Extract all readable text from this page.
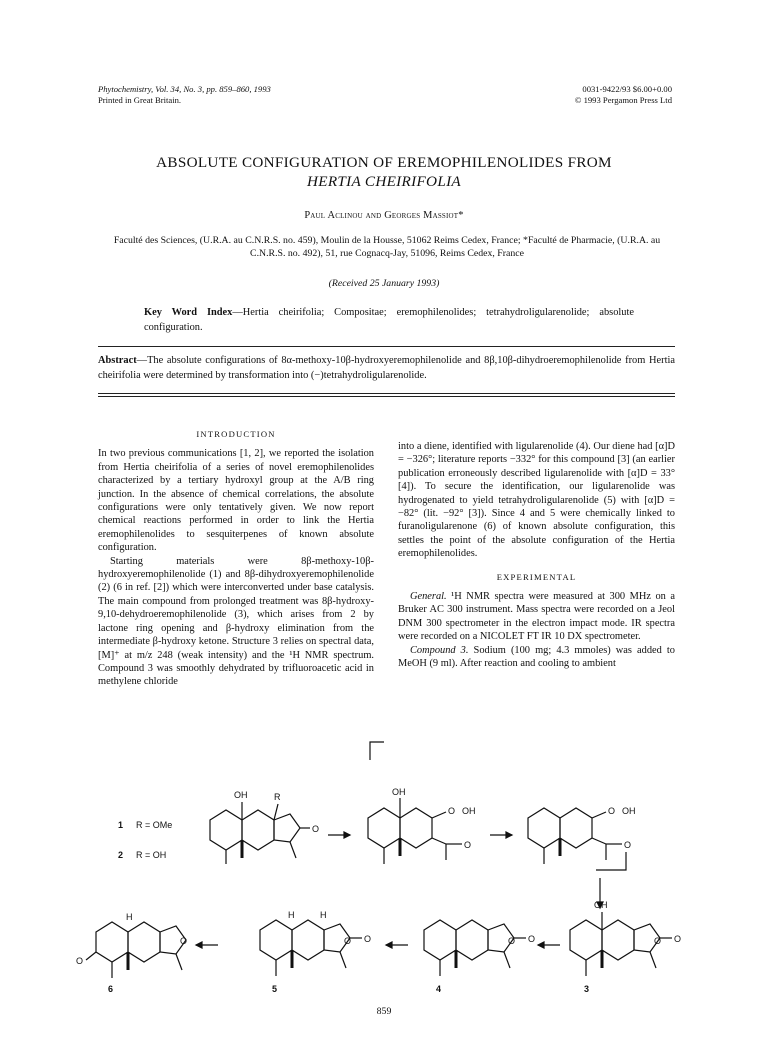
Phytochemistry, Vol. 34, No. 3, pp. 859–860, 1993
Printed in Great Britain.
0031-9422/93 $6.00+0.00
© 1993 Pergamon Press Ltd
ABSOLUTE CONFIGURATION OF EREMOPHILENOLIDES FROM
HERTIA CHEIRIFOLIA
Paul Aclinou and Georges Massiot*
Faculté des Sciences, (U.R.A. au C.N.R.S. no. 459), Moulin de la Housse, 51062 Reims Cedex, France; *Faculté de Pharmacie, (U.R.A. au C.N.R.S. no. 492), 51, rue Cognacq-Jay, 51096, Reims Cedex, France
(Received 25 January 1993)
Key Word Index—Hertia cheirifolia; Compositae; eremophilenolides; tetrahydroligularenolide; absolute configuration.
Abstract—The absolute configurations of 8α-methoxy-10β-hydroxyeremophilenolide and 8β,10β-dihydroeremophilenolide from Hertia cheirifolia were determined by transformation into (−)tetrahydroligularenolide.
INTRODUCTION

In two previous communications [1, 2], we reported the isolation from Hertia cheirifolia of a series of novel eremophilenolides characterized by a tertiary hydroxyl group at the A/B ring junction. In the absence of chemical correlations, the absolute configurations were only tentatively given. We now report chemical reactions performed in order to link the Hertia eremophilenolides to sesquiterpenes of known absolute configuration.

Starting materials were 8β-methoxy-10β-hydroxyeremophilenolide (1) and 8β-dihydroxyeremophilenolide (2) (6 in ref. [2]) which were interconverted under base catalysis. The main compound from prolonged treatment was 8β-hydroxy-9,10-dehydroeremophilenolide (3), which arises from 2 by lactone ring opening and β-hydroxy elimination from the intermediate β-hydroxy ketone. Structure 3 relies on spectral data, [M]⁺ at m/z 248 (weak intensity) and the ¹H NMR spectrum. Compound 3 was smoothly dehydrated by trifluoroacetic acid in methylene chloride

into a diene, identified with ligularenolide (4). Our diene had [α]D = −326°; literature reports −332° for this compound [3] (an earlier publication erroneously described ligularenolide with [α]D = 33° [4]). To secure the identification, our ligularenolide was hydrogenated to yield tetrahydroligularenolide (5) with [α]D = −82° (lit. −92° [3]). Since 4 and 5 were chemically linked to furanoligularenone (6) of known absolute configuration, this settles the point of the absolute configuration of the Hertia eremophilenolides.

EXPERIMENTAL

General. ¹H NMR spectra were measured at 300 MHz on a Bruker AC 300 instrument. Mass spectra were recorded on a Jeol DNM 300 spectrometer in the electron impact mode. IR spectra were recorded on a NICOLET FT IR 10 DX spectrometer.

Compound 3. Sodium (100 mg; 4.3 mmoles) was added to MeOH (9 ml). After reaction and cooling to ambient

1 R = OMe
2 R = OH
OH	R
O
OH
O OH
O
O OH
O
H
O
O
H	H
O O	O O
OH
O O
6	5	4	3
859
